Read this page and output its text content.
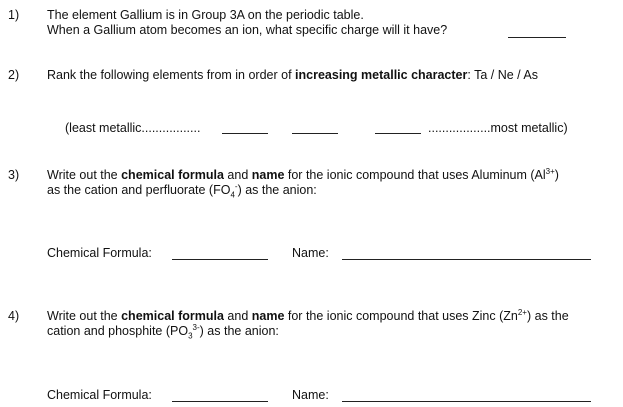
1) The element Gallium is in Group 3A on the periodic table.
When a Gallium atom becomes an ion, what specific charge will it have?
2) Rank the following elements from in order of increasing metallic character: Ta / Ne / As
(least metallic.................	..................most metallic)
3) Write out the chemical formula and name for the ionic compound that uses Aluminum $(Al^{3+})$
as the cation and perfluorate $(FO_4^-)$ as the anion:
Chemical Formula:	Name:
4) Write out the chemical formula and name for the ionic compound that uses Zinc $(Zn^{2+})$ as the
cation and phosphite $(PO_3^{3-})$ as the anion:
Chemical Formula:	Name:
